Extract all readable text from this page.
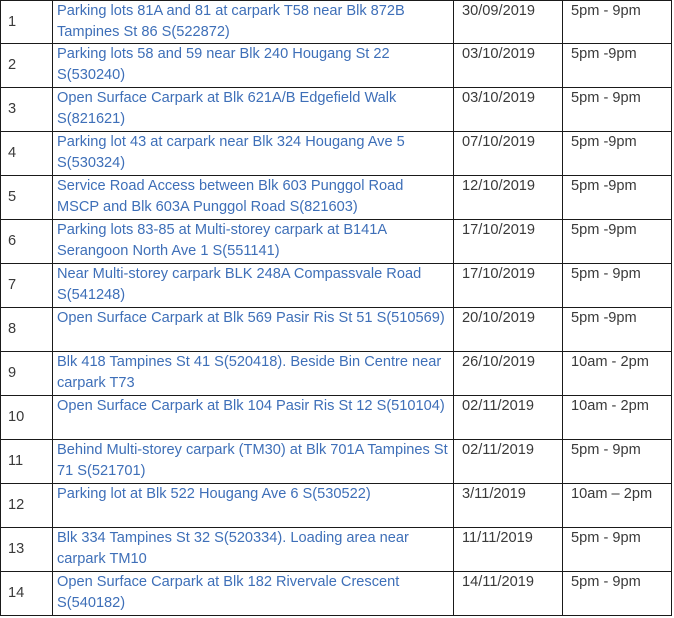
1	Parking lots 81A and 81 at carpark T58 near Blk 872B Tampines St 86 S(522872)	30/09/2019	5pm - 9pm
2	Parking lots 58 and 59 near Blk 240 Hougang St 22 S(530240)	03/10/2019	5pm -9pm
3	Open Surface Carpark at Blk 621A/B Edgefield Walk S(821621)	03/10/2019	5pm - 9pm
4	Parking lot 43 at carpark near Blk 324 Hougang Ave 5 S(530324)	07/10/2019	5pm -9pm
5	Service Road Access between Blk 603 Punggol Road MSCP and Blk 603A Punggol Road S(821603)	12/10/2019	5pm -9pm
6	Parking lots 83-85 at Multi-storey carpark at B141A Serangoon North Ave 1 S(551141)	17/10/2019	5pm -9pm
7	Near Multi-storey carpark BLK 248A Compassvale Road S(541248)	17/10/2019	5pm - 9pm
8	Open Surface Carpark at Blk 569 Pasir Ris St 51 S(510569)	20/10/2019	5pm -9pm
9	Blk 418 Tampines St 41 S(520418). Beside Bin Centre near carpark T73	26/10/2019	10am - 2pm
10	Open Surface Carpark at Blk 104 Pasir Ris St 12 S(510104)	02/11/2019	10am - 2pm
11	Behind Multi-storey carpark (TM30) at Blk 701A Tampines St 71 S(521701)	02/11/2019	5pm - 9pm
12	Parking lot at Blk 522 Hougang Ave 6 S(530522)	3/11/2019	10am – 2pm
13	Blk 334 Tampines St 32 S(520334). Loading area near carpark TM10	11/11/2019	5pm - 9pm
14	Open Surface Carpark at Blk 182 Rivervale Crescent S(540182)	14/11/2019	5pm - 9pm
